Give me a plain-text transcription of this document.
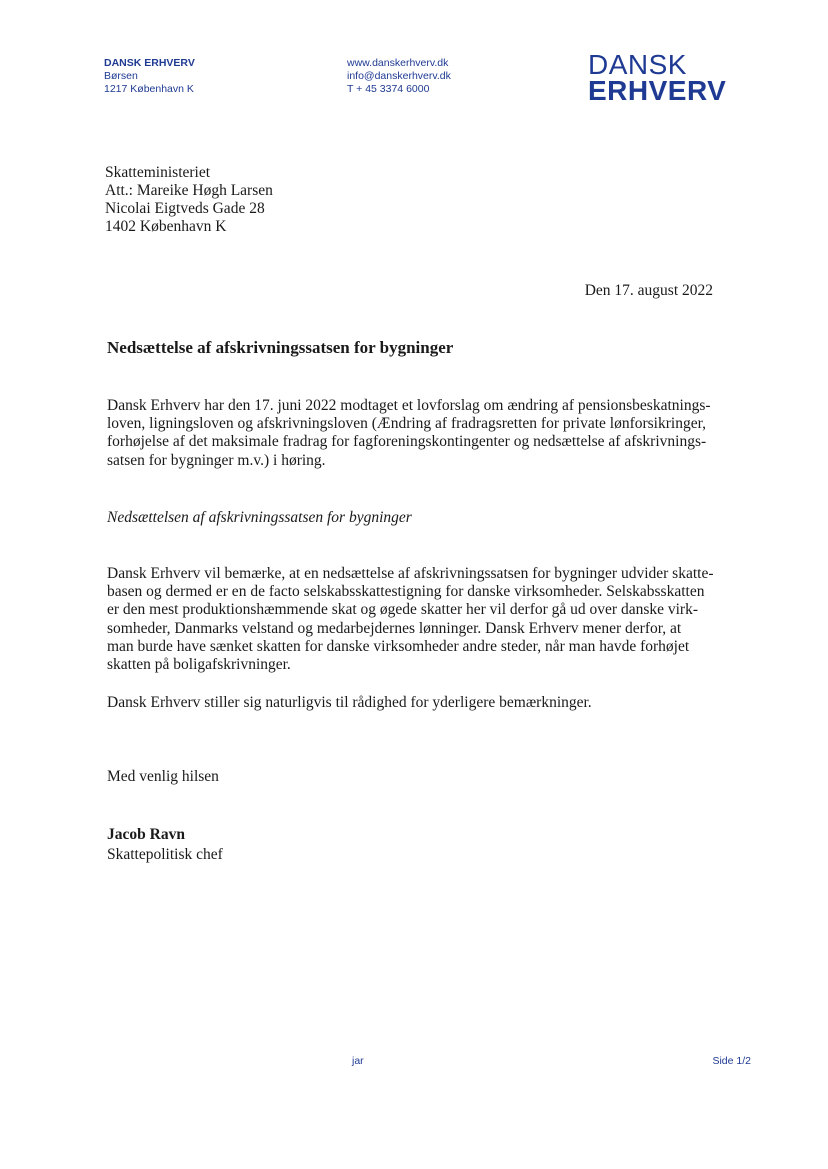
DANSK ERHVERV
Børsen
1217 København K
www.danskerhverv.dk
info@danskerhverv.dk
T + 45 3374 6000
DANSK
ERHVERV
Skatteministeriet
Att.: Mareike Høgh Larsen
Nicolai Eigtveds Gade 28
1402 København K
Den 17. august 2022
Nedsættelse af afskrivningssatsen for bygninger
Dansk Erhverv har den 17. juni 2022 modtaget et lovforslag om ændring af pensionsbeskatnings-
loven, ligningsloven og afskrivningsloven (Ændring af fradragsretten for private lønforsikringer,
forhøjelse af det maksimale fradrag for fagforeningskontingenter og nedsættelse af afskrivnings-
satsen for bygninger m.v.) i høring.
Nedsættelsen af afskrivningssatsen for bygninger
Dansk Erhverv vil bemærke, at en nedsættelse af afskrivningssatsen for bygninger udvider skatte-
basen og dermed er en de facto selskabsskattestigning for danske virksomheder. Selskabsskatten
er den mest produktionshæmmende skat og øgede skatter her vil derfor gå ud over danske virk-
somheder, Danmarks velstand og medarbejdernes lønninger. Dansk Erhverv mener derfor, at
man burde have sænket skatten for danske virksomheder andre steder, når man havde forhøjet
skatten på boligafskrivninger.
Dansk Erhverv stiller sig naturligvis til rådighed for yderligere bemærkninger.
Med venlig hilsen
Jacob Ravn
Skattepolitisk chef
jar	Side 1/2
